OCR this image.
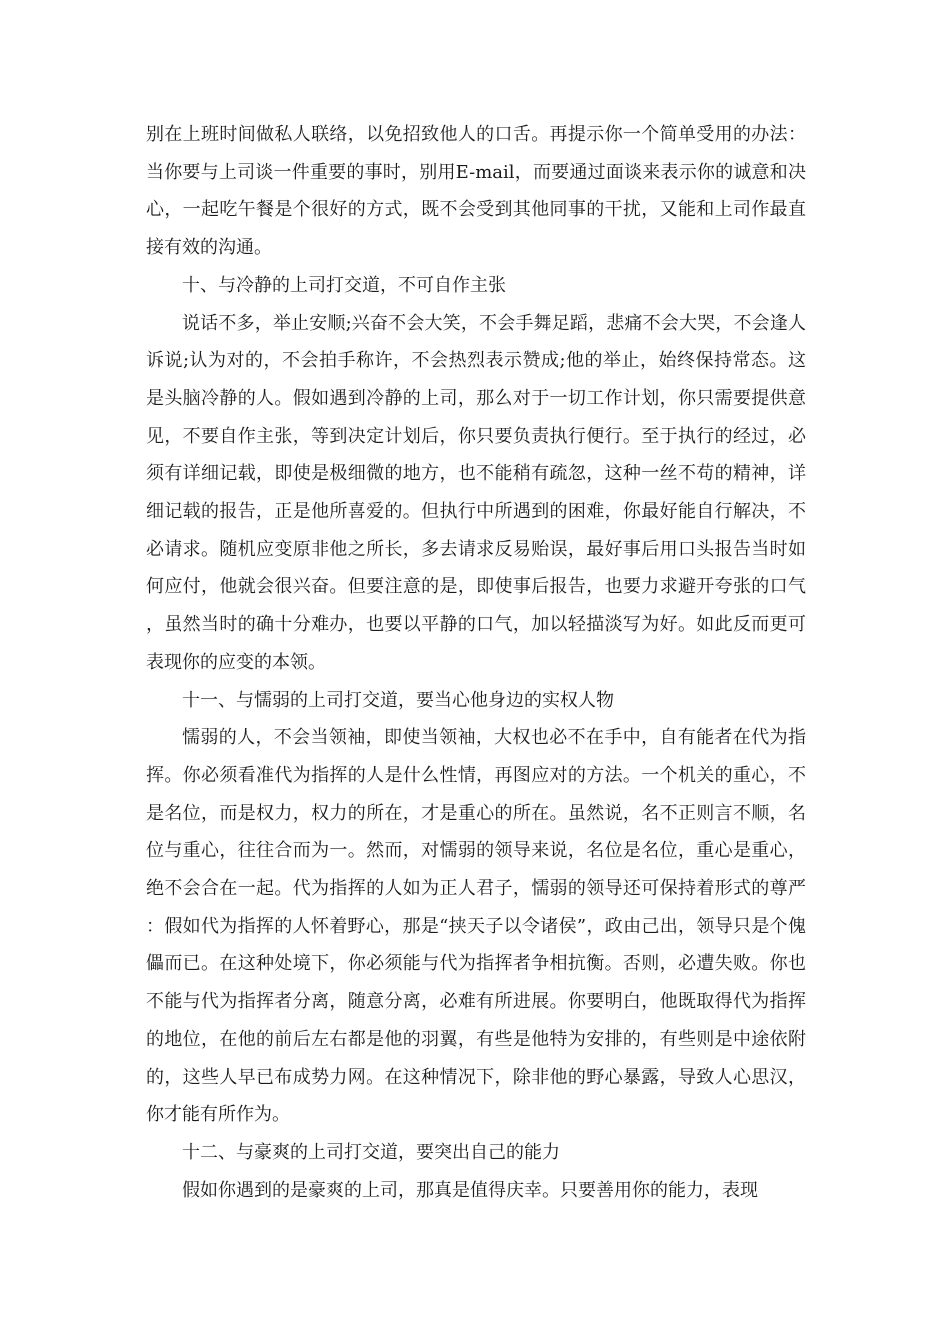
别在上班时间做私人联络，以免招致他人的口舌。再提示你一个简单受用的办法：当你要与上司谈一件重要的事时，别用E-mail，而要通过面谈来表示你的诚意和决心，一起吃午餐是个很好的方式，既不会受到其他同事的干扰，又能和上司作最直接有效的沟通。

十、与冷静的上司打交道，不可自作主张

说话不多，举止安顺;兴奋不会大笑，不会手舞足蹈，悲痛不会大哭，不会逢人诉说;认为对的，不会拍手称许，不会热烈表示赞成;他的举止，始终保持常态。这是头脑冷静的人。假如遇到冷静的上司，那么对于一切工作计划，你只需要提供意见，不要自作主张，等到决定计划后，你只要负责执行便行。至于执行的经过，必须有详细记载，即使是极细微的地方，也不能稍有疏忽，这种一丝不苟的精神，详细记载的报告，正是他所喜爱的。但执行中所遇到的困难，你最好能自行解决，不必请求。随机应变原非他之所长，多去请求反易贻误，最好事后用口头报告当时如何应付，他就会很兴奋。但要注意的是，即使事后报告，也要力求避开夸张的口气，虽然当时的确十分难办，也要以平静的口气，加以轻描淡写为好。如此反而更可表现你的应变的本领。

十一、与懦弱的上司打交道，要当心他身边的实权人物

懦弱的人，不会当领袖，即使当领袖，大权也必不在手中，自有能者在代为指挥。你必须看准代为指挥的人是什么性情，再图应对的方法。一个机关的重心，不是名位，而是权力，权力的所在，才是重心的所在。虽然说，名不正则言不顺，名位与重心，往往合而为一。然而，对懦弱的领导来说，名位是名位，重心是重心，绝不会合在一起。代为指挥的人如为正人君子，懦弱的领导还可保持着形式的尊严：假如代为指挥的人怀着野心，那是“挟天子以令诸侯”，政由己出，领导只是个傀儡而已。在这种处境下，你必须能与代为指挥者争相抗衡。否则，必遭失败。你也不能与代为指挥者分离，随意分离，必难有所进展。你要明白，他既取得代为指挥的地位，在他的前后左右都是他的羽翼，有些是他特为安排的，有些则是中途依附的，这些人早已布成势力网。在这种情况下，除非他的野心暴露，导致人心思汉，你才能有所作为。

十二、与豪爽的上司打交道，要突出自己的能力

假如你遇到的是豪爽的上司，那真是值得庆幸。只要善用你的能力，表现
